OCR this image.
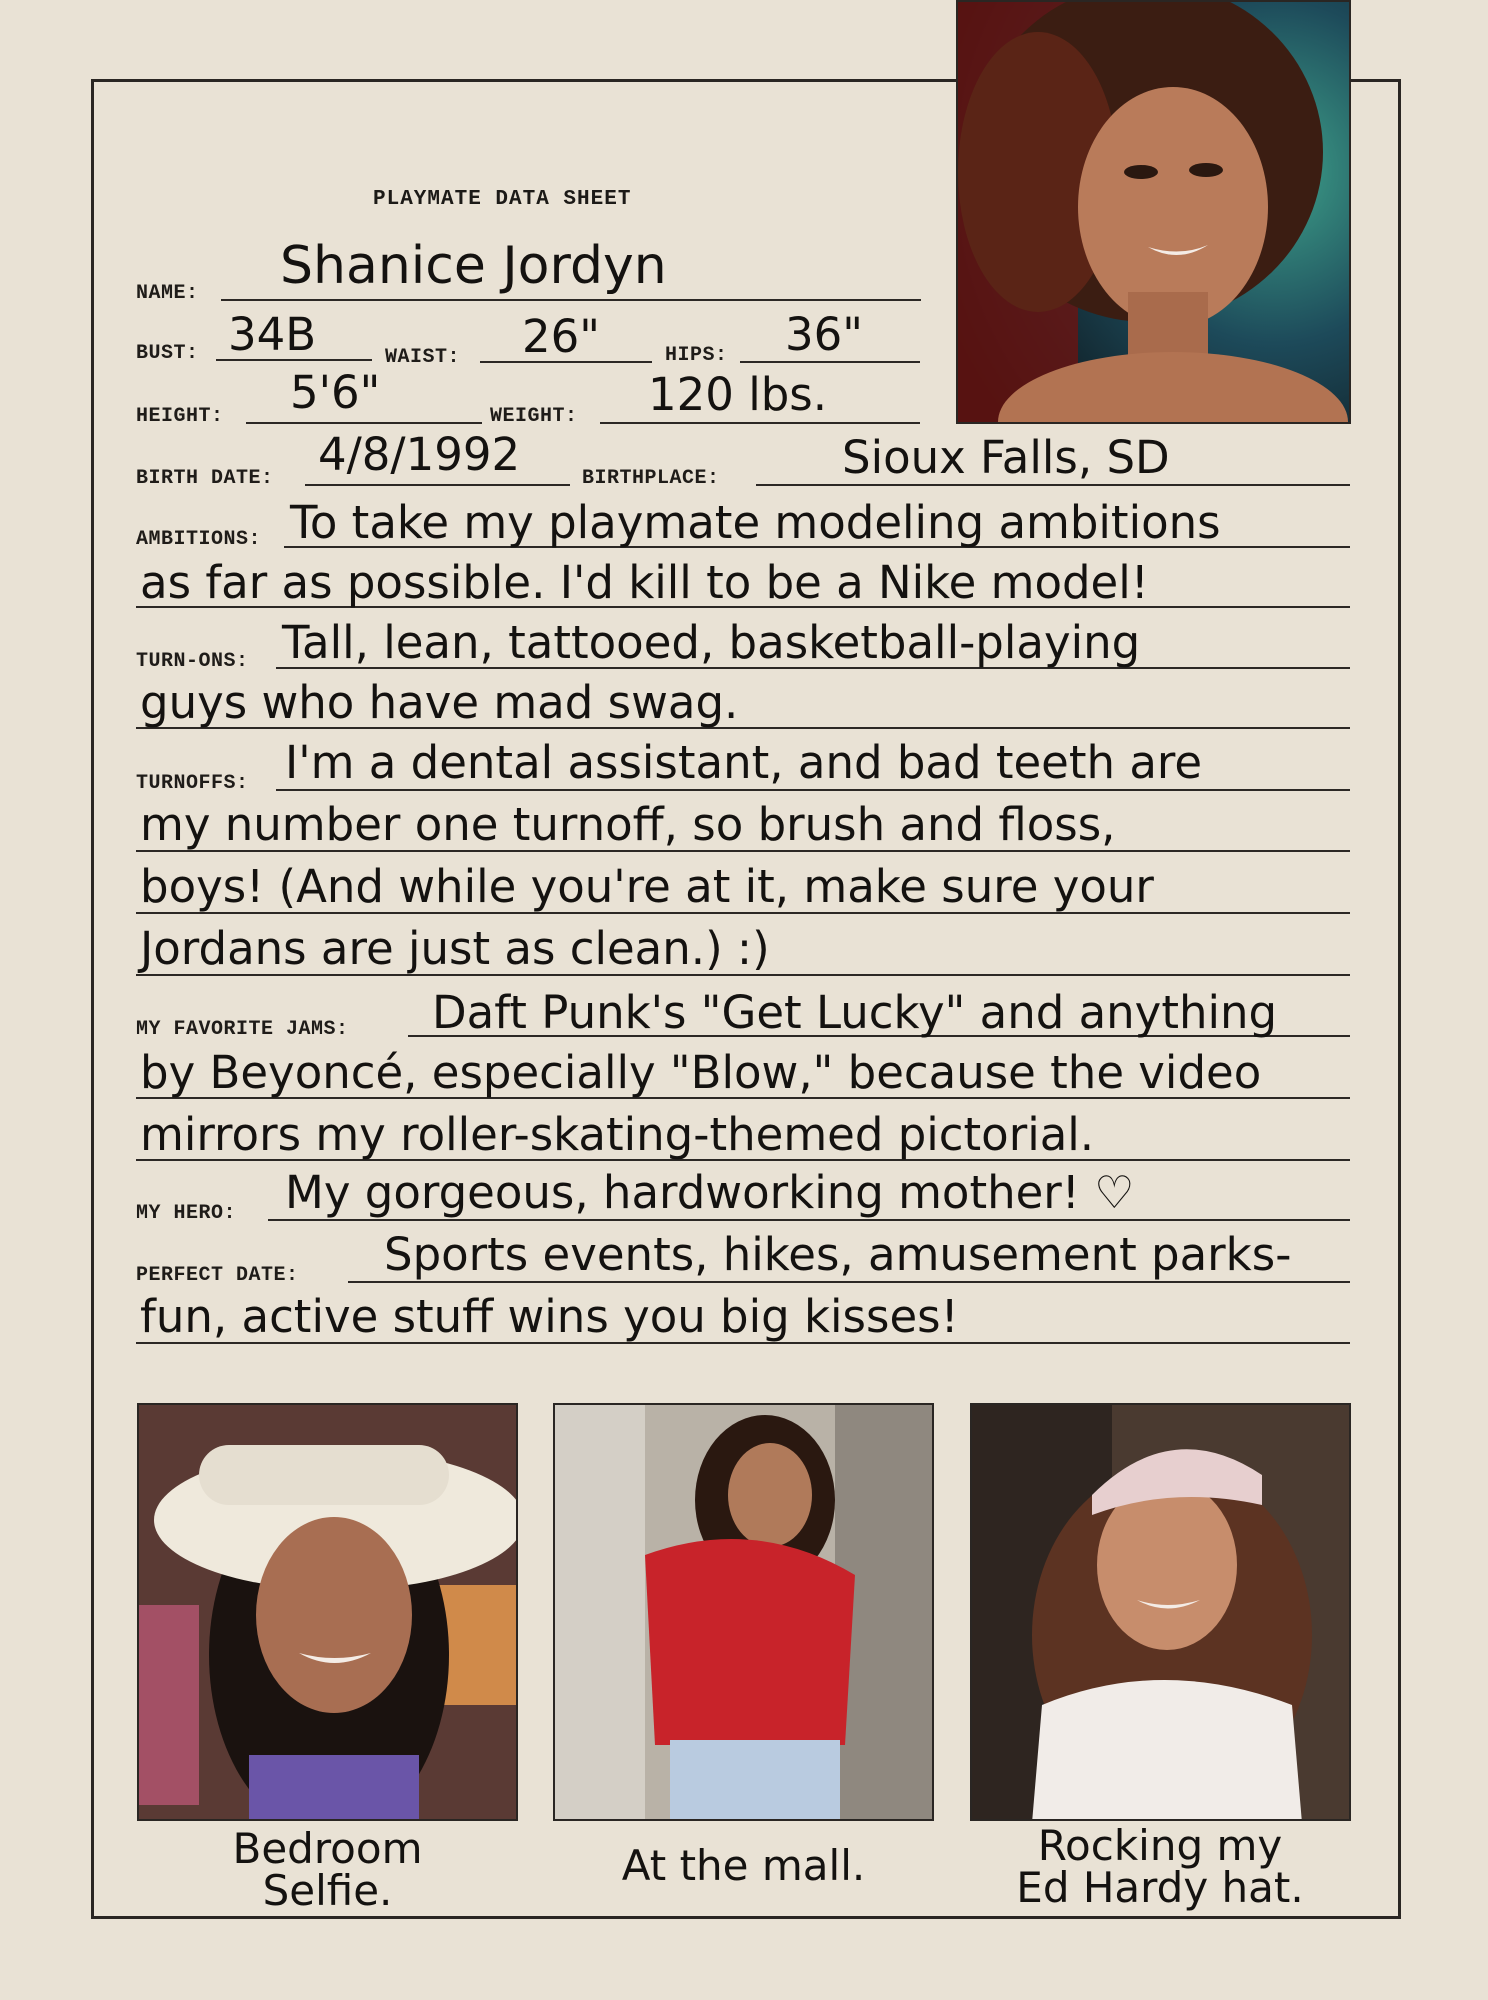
PLAYMATE DATA SHEET
NAME: Shanice Jordyn
BUST: 34B	WAIST: 26"	HIPS: 36"
HEIGHT: 5'6"	WEIGHT: 120 lbs.
BIRTH DATE: 4/8/1992	BIRTHPLACE:	Sioux Falls, SD
AMBITIONS: To take my playmate modeling ambitions
as far as possible. I'd kill to be a Nike model!
TURN-ONS: Tall, lean, tattooed, basketball-playing
guys who have mad swag.
TURNOFFS: I'm a dental assistant, and bad teeth are
my number one turnoff, so brush and floss,
boys! (And while you're at it, make sure your
Jordans are just as clean.) :)
MY FAVORITE JAMS: Daft Punk's "Get Lucky" and anything
by Beyoncé, especially "Blow," because the video
mirrors my roller-skating-themed pictorial.
MY HERO: My gorgeous, hardworking mother! ♡
PERFECT DATE: Sports events, hikes, amusement parks-
fun, active stuff wins you big kisses!
Bedroom
Selfie.
At the mall.	Rocking my
Ed Hardy hat.
